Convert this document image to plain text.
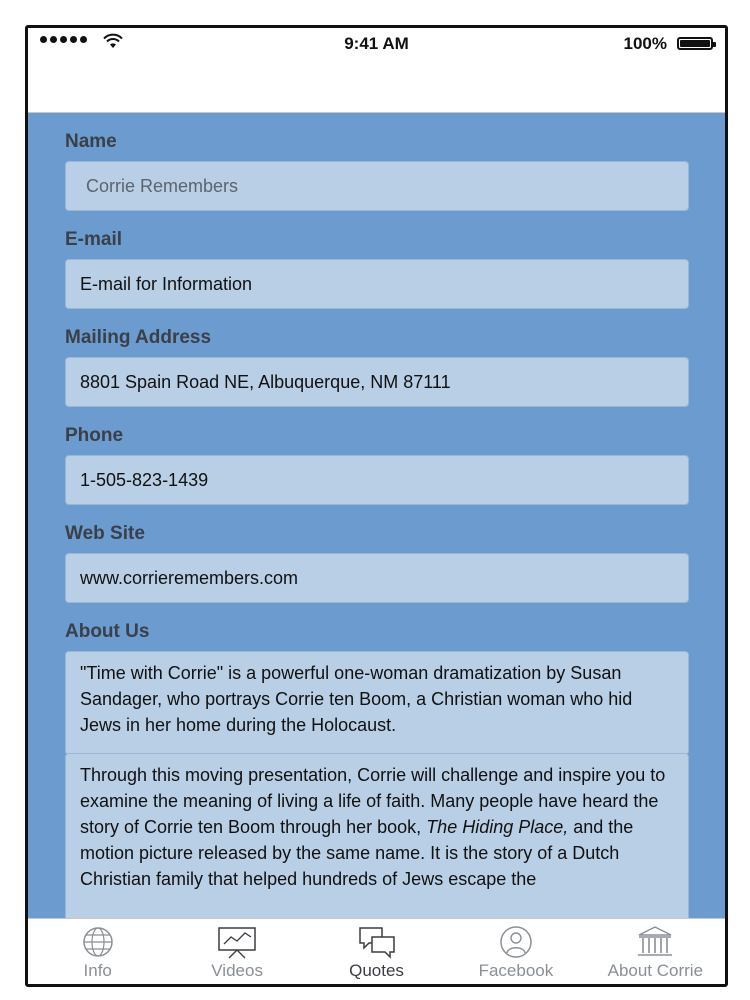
9:41 AM	100%
Name
Corrie Remembers
E-mail
E-mail for Information
Mailing Address
8801 Spain Road NE, Albuquerque, NM 87111
Phone
1-505-823-1439
Web Site
www.corrieremembers.com
About Us
"Time with Corrie" is a powerful one-woman dramatization by Susan Sandager, who portrays Corrie ten Boom, a Christian woman who hid Jews in her home during the Holocaust.
Through this moving presentation, Corrie will challenge and inspire you to examine the meaning of living a life of faith. Many people have heard the story of Corrie ten Boom through her book, The Hiding Place, and the motion picture released by the same name. It is the story of a Dutch Christian family that helped hundreds of Jews escape the
Info	Videos	Quotes	Facebook	About Corrie
